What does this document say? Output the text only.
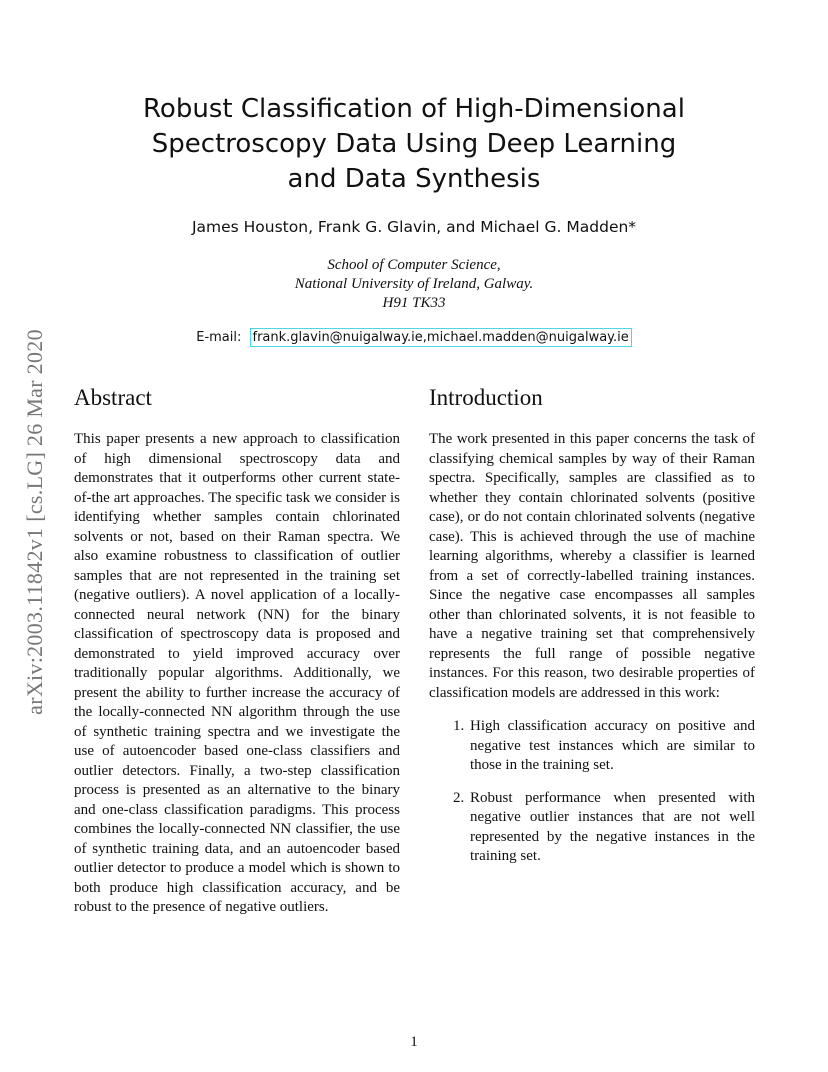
arXiv:2003.11842v1 [cs.LG] 26 Mar 2020
Robust Classification of High-Dimensional
Spectroscopy Data Using Deep Learning
and Data Synthesis
James Houston, Frank G. Glavin, and Michael G. Madden*
School of Computer Science,
National University of Ireland, Galway.
H91 TK33
E-mail: frank.glavin@nuigalway.ie,michael.madden@nuigalway.ie
Abstract

This paper presents a new approach to classification of high dimensional spectroscopy data and demonstrates that it outperforms other current state-of-the art approaches. The specific task we consider is identifying whether samples contain chlorinated solvents or not, based on their Raman spectra. We also examine robustness to classification of outlier samples that are not represented in the training set (negative outliers). A novel application of a locally-connected neural network (NN) for the binary classification of spectroscopy data is proposed and demonstrated to yield improved accuracy over traditionally popular algorithms. Additionally, we present the ability to further increase the accuracy of the locally-connected NN algorithm through the use of synthetic training spectra and we investigate the use of autoencoder based one-class classifiers and outlier detectors. Finally, a two-step classification process is presented as an alternative to the binary and one-class classification paradigms. This process combines the locally-connected NN classifier, the use of synthetic training data, and an autoencoder based outlier detector to produce a model which is shown to both produce high classification accuracy, and be robust to the presence of negative outliers.

Introduction

The work presented in this paper concerns the task of classifying chemical samples by way of their Raman spectra. Specifically, samples are classified as to whether they contain chlorinated solvents (positive case), or do not contain chlorinated solvents (negative case). This is achieved through the use of machine learning algorithms, whereby a classifier is learned from a set of correctly-labelled training instances. Since the negative case encompasses all samples other than chlorinated solvents, it is not feasible to have a negative training set that comprehensively represents the full range of possible negative instances. For this reason, two desirable properties of classification models are addressed in this work:

1. High classification accuracy on positive and negative test instances which are similar to those in the training set.
2. Robust performance when presented with negative outlier instances that are not well represented by the negative instances in the training set.
1
